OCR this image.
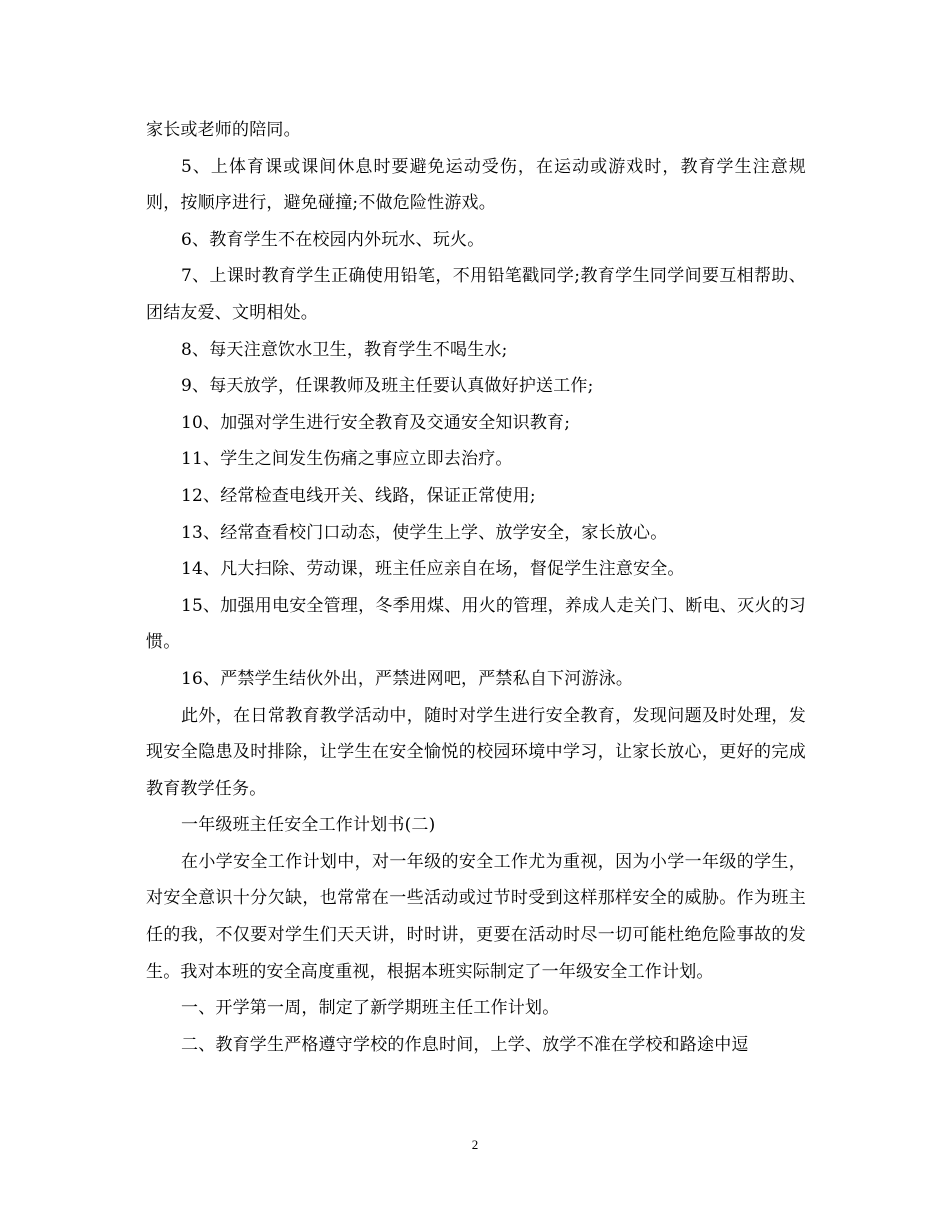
家长或老师的陪同。

5、上体育课或课间休息时要避免运动受伤，在运动或游戏时，教育学生注意规则，按顺序进行，避免碰撞;不做危险性游戏。

6、教育学生不在校园内外玩水、玩火。

7、上课时教育学生正确使用铅笔，不用铅笔戳同学;教育学生同学间要互相帮助、团结友爱、文明相处。

8、每天注意饮水卫生，教育学生不喝生水;

9、每天放学，任课教师及班主任要认真做好护送工作;

10、加强对学生进行安全教育及交通安全知识教育;

11、学生之间发生伤痛之事应立即去治疗。

12、经常检查电线开关、线路，保证正常使用;

13、经常查看校门口动态，使学生上学、放学安全，家长放心。

14、凡大扫除、劳动课，班主任应亲自在场，督促学生注意安全。

15、加强用电安全管理，冬季用煤、用火的管理，养成人走关门、断电、灭火的习惯。

16、严禁学生结伙外出，严禁进网吧，严禁私自下河游泳。

此外，在日常教育教学活动中，随时对学生进行安全教育，发现问题及时处理，发现安全隐患及时排除，让学生在安全愉悦的校园环境中学习，让家长放心，更好的完成教育教学任务。

一年级班主任安全工作计划书(二)

在小学安全工作计划中，对一年级的安全工作尤为重视，因为小学一年级的学生，对安全意识十分欠缺，也常常在一些活动或过节时受到这样那样安全的威胁。作为班主任的我，不仅要对学生们天天讲，时时讲，更要在活动时尽一切可能杜绝危险事故的发生。我对本班的安全高度重视，根据本班实际制定了一年级安全工作计划。

一、开学第一周，制定了新学期班主任工作计划。

二、教育学生严格遵守学校的作息时间，上学、放学不准在学校和路途中逗

2
